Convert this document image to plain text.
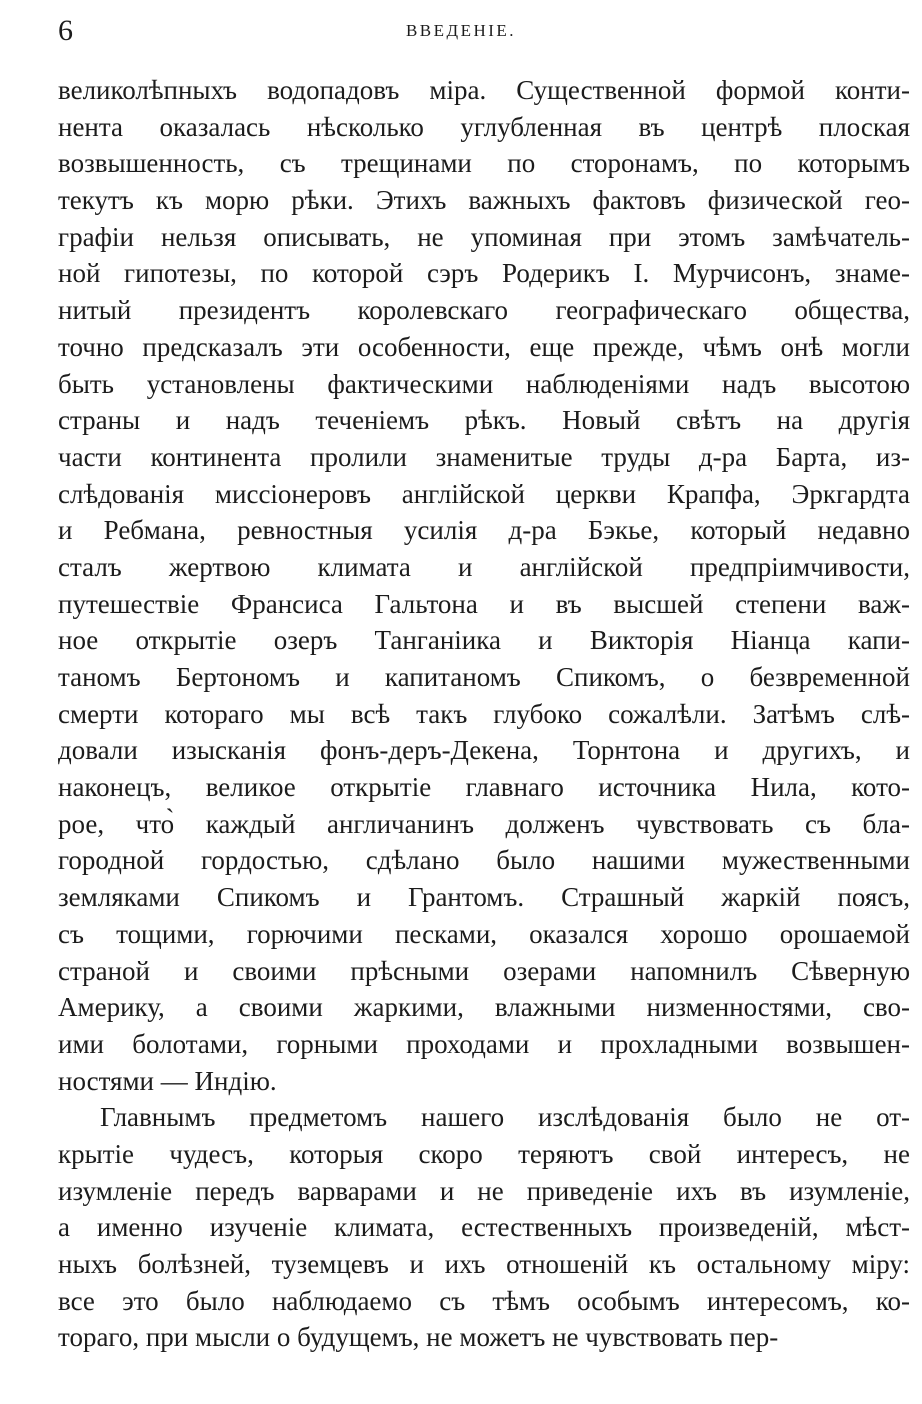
6	ВВЕДЕНІЕ.
великолѣпныхъ водопадовъ міра. Существенной формой конти-
нента оказалась нѣсколько углубленная въ центрѣ плоская
возвышенность, съ трещинами по сторонамъ, по которымъ
текутъ къ морю рѣки. Этихъ важныхъ фактовъ физической гео-
графіи нельзя описывать, не упоминая при этомъ замѣчатель-
ной гипотезы, по которой сэръ Родерикъ I. Мурчисонъ, знаме-
нитый президентъ королевскаго географическаго общества,
точно предсказалъ эти особенности, еще прежде, чѣмъ онѣ могли
быть установлены фактическими наблюденіями надъ высотою
страны и надъ теченіемъ рѣкъ. Новый свѣтъ на другія
части континента пролили знаменитые труды д-ра Барта, из-
слѣдованія миссіонеровъ англійской церкви Крапфа, Эркгардта
и Ребмана, ревностныя усилія д-ра Бэкье, который недавно
сталъ жертвою климата и англійской предпріимчивости,
путешествіе Франсиса Гальтона и въ высшей степени важ-
ное открытіе озеръ Танганіика и Викторія Ніанца капи-
таномъ Бертономъ и капитаномъ Спикомъ, о безвременной
смерти котораго мы всѣ такъ глубоко сожалѣли. Затѣмъ слѣ-
довали изысканія фонъ-деръ-Декена, Торнтона и другихъ, и
наконецъ, великое открытіе главнаго источника Нила, кото-
рое, что̀ каждый англичанинъ долженъ чувствовать съ бла-
городной гордостью, сдѣлано было нашими мужественными
земляками Спикомъ и Грантомъ. Страшный жаркій поясъ,
съ тощими, горючими песками, оказался хорошо орошаемой
страной и своими прѣсными озерами напомнилъ Сѣверную
Америку, а своими жаркими, влажными низменностями, сво-
ими болотами, горными проходами и прохладными возвышен-
ностями — Индію.
Главнымъ предметомъ нашего изслѣдованія было не от-
крытіе чудесъ, которыя скоро теряютъ свой интересъ, не
изумленіе передъ варварами и не приведеніе ихъ въ изумленіе,
а именно изученіе климата, естественныхъ произведеній, мѣст-
ныхъ болѣзней, туземцевъ и ихъ отношеній къ остальному міру:
все это было наблюдаемо съ тѣмъ особымъ интересомъ, ко-
тораго, при мысли о будущемъ, не можетъ не чувствовать пер-
